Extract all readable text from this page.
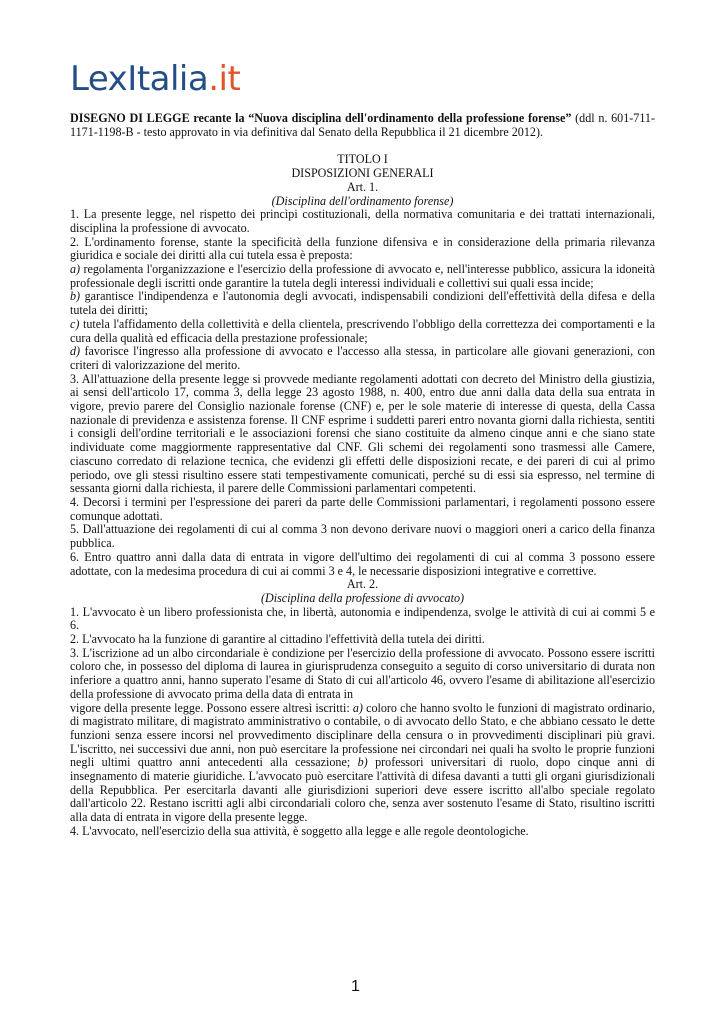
LexItalia.it

DISEGNO DI LEGGE recante la “Nuova disciplina dell'ordinamento della professione forense” (ddl n. 601-711-1171-1198-B - testo approvato in via definitiva dal Senato della Repubblica il 21 dicembre 2012).

TITOLO I

DISPOSIZIONI GENERALI

Art. 1.

(Disciplina dell'ordinamento forense)

1. La presente legge, nel rispetto dei princìpi costituzionali, della normativa comunitaria e dei trattati internazionali, disciplina la professione di avvocato.

2. L'ordinamento forense, stante la specificità della funzione difensiva e in considerazione della primaria rilevanza giuridica e sociale dei diritti alla cui tutela essa è preposta:

a) regolamenta l'organizzazione e l'esercizio della professione di avvocato e, nell'interesse pubblico, assicura la idoneità professionale degli iscritti onde garantire la tutela degli interessi individuali e collettivi sui quali essa incide;

b) garantisce l'indipendenza e l'autonomia degli avvocati, indispensabili condizioni dell'effettività della difesa e della tutela dei diritti;

c) tutela l'affidamento della collettività e della clientela, prescrivendo l'obbligo della correttezza dei comportamenti e la cura della qualità ed efficacia della prestazione professionale;

d) favorisce l'ingresso alla professione di avvocato e l'accesso alla stessa, in particolare alle giovani generazioni, con criteri di valorizzazione del merito.

3. All'attuazione della presente legge si provvede mediante regolamenti adottati con decreto del Ministro della giustizia, ai sensi dell'articolo 17, comma 3, della legge 23 agosto 1988, n. 400, entro due anni dalla data della sua entrata in vigore, previo parere del Consiglio nazionale forense (CNF) e, per le sole materie di interesse di questa, della Cassa nazionale di previdenza e assistenza forense. Il CNF esprime i suddetti pareri entro novanta giorni dalla richiesta, sentiti i consigli dell'ordine territoriali e le associazioni forensi che siano costituite da almeno cinque anni e che siano state individuate come maggiormente rappresentative dal CNF. Gli schemi dei regolamenti sono trasmessi alle Camere, ciascuno corredato di relazione tecnica, che evidenzi gli effetti delle disposizioni recate, e dei pareri di cui al primo periodo, ove gli stessi risultino essere stati tempestivamente comunicati, perché su di essi sia espresso, nel termine di sessanta giorni dalla richiesta, il parere delle Commissioni parlamentari competenti.

4. Decorsi i termini per l'espressione dei pareri da parte delle Commissioni parlamentari, i regolamenti possono essere comunque adottati.

5. Dall'attuazione dei regolamenti di cui al comma 3 non devono derivare nuovi o maggiori oneri a carico della finanza pubblica.

6. Entro quattro anni dalla data di entrata in vigore dell'ultimo dei regolamenti di cui al comma 3 possono essere adottate, con la medesima procedura di cui ai commi 3 e 4, le necessarie disposizioni integrative e correttive.

Art. 2.

(Disciplina della professione di avvocato)

1. L'avvocato è un libero professionista che, in libertà, autonomia e indipendenza, svolge le attività di cui ai commi 5 e 6.

2. L'avvocato ha la funzione di garantire al cittadino l'effettività della tutela dei diritti.

3. L'iscrizione ad un albo circondariale è condizione per l'esercizio della professione di avvocato. Possono essere iscritti coloro che, in possesso del diploma di laurea in giurisprudenza conseguito a seguito di corso universitario di durata non inferiore a quattro anni, hanno superato l'esame di Stato di cui all'articolo 46, ovvero l'esame di abilitazione all'esercizio della professione di avvocato prima della data di entrata in

vigore della presente legge. Possono essere altresì iscritti: a) coloro che hanno svolto le funzioni di magistrato ordinario, di magistrato militare, di magistrato amministrativo o contabile, o di avvocato dello Stato, e che abbiano cessato le dette funzioni senza essere incorsi nel provvedimento disciplinare della censura o in provvedimenti disciplinari più gravi. L'iscritto, nei successivi due anni, non può esercitare la professione nei circondari nei quali ha svolto le proprie funzioni negli ultimi quattro anni antecedenti alla cessazione; b) professori universitari di ruolo, dopo cinque anni di insegnamento di materie giuridiche. L'avvocato può esercitare l'attività di difesa davanti a tutti gli organi giurisdizionali della Repubblica. Per esercitarla davanti alle giurisdizioni superiori deve essere iscritto all'albo speciale regolato dall'articolo 22. Restano iscritti agli albi circondariali coloro che, senza aver sostenuto l'esame di Stato, risultino iscritti alla data di entrata in vigore della presente legge.

4. L'avvocato, nell'esercizio della sua attività, è soggetto alla legge e alle regole deontologiche.

1
